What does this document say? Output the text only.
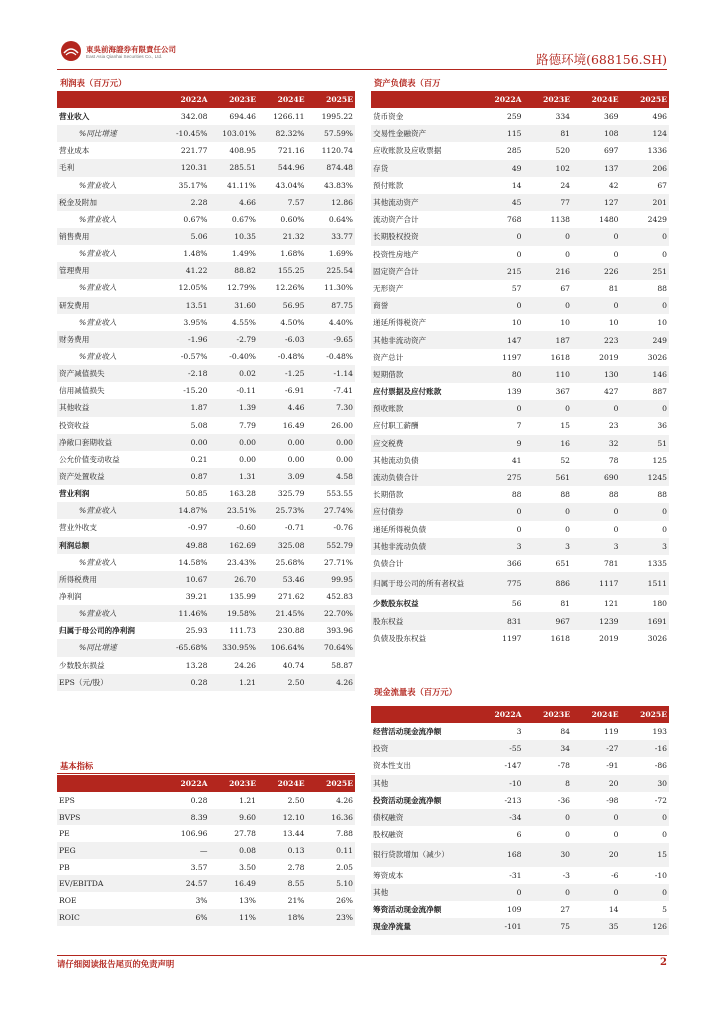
東吳前海證券有限責任公司
East Asia Qianhai Securities Co., Ltd.	路德环境(688156.SH)
利润表（百万元）
	2022A	2023E	2024E	2025E
营业收入	342.08	694.46	1266.11	1995.22
%同比增速	-10.45%	103.01%	82.32%	57.59%
营业成本	221.77	408.95	721.16	1120.74
毛利	120.31	285.51	544.96	874.48
%营业收入	35.17%	41.11%	43.04%	43.83%
税金及附加	2.28	4.66	7.57	12.86
%营业收入	0.67%	0.67%	0.60%	0.64%
销售费用	5.06	10.35	21.32	33.77
%营业收入	1.48%	1.49%	1.68%	1.69%
管理费用	41.22	88.82	155.25	225.54
%营业收入	12.05%	12.79%	12.26%	11.30%
研发费用	13.51	31.60	56.95	87.75
%营业收入	3.95%	4.55%	4.50%	4.40%
财务费用	-1.96	-2.79	-6.03	-9.65
%营业收入	-0.57%	-0.40%	-0.48%	-0.48%
资产减值损失	-2.18	0.02	-1.25	-1.14
信用减值损失	-15.20	-0.11	-6.91	-7.41
其他收益	1.87	1.39	4.46	7.30
投资收益	5.08	7.79	16.49	26.00
净敞口套期收益	0.00	0.00	0.00	0.00
公允价值变动收益	0.21	0.00	0.00	0.00
资产处置收益	0.87	1.31	3.09	4.58
营业利润	50.85	163.28	325.79	553.55
%营业收入	14.87%	23.51%	25.73%	27.74%
营业外收支	-0.97	-0.60	-0.71	-0.76
利润总额	49.88	162.69	325.08	552.79
%营业收入	14.58%	23.43%	25.68%	27.71%
所得税费用	10.67	26.70	53.46	99.95
净利润	39.21	135.99	271.62	452.83
%营业收入	11.46%	19.58%	21.45%	22.70%
归属于母公司的净利润	25.93	111.73	230.88	393.96
%同比增速	-65.68%	330.95%	106.64%	70.64%
少数股东损益	13.28	24.26	40.74	58.87
EPS（元/股）	0.28	1.21	2.50	4.26
基本指标
	2022A	2023E	2024E	2025E
EPS	0.28	1.21	2.50	4.26
BVPS	8.39	9.60	12.10	16.36
PE	106.96	27.78	13.44	7.88
PEG	—	0.08	0.13	0.11
PB	3.57	3.50	2.78	2.05
EV/EBITDA	24.57	16.49	8.55	5.10
ROE	3%	13%	21%	26%
ROIC	6%	11%	18%	23%
资产负债表（百万
	2022A	2023E	2024E	2025E
货币资金	259	334	369	496
交易性金融资产	115	81	108	124
应收账款及应收票据	285	520	697	1336
存货	49	102	137	206
预付账款	14	24	42	67
其他流动资产	45	77	127	201
流动资产合计	768	1138	1480	2429
长期股权投资	0	0	0	0
投资性房地产	0	0	0	0
固定资产合计	215	216	226	251
无形资产	57	67	81	88
商誉	0	0	0	0
递延所得税资产	10	10	10	10
其他非流动资产	147	187	223	249
资产总计	1197	1618	2019	3026
短期借款	80	110	130	146
应付票据及应付账款	139	367	427	887
预收账款	0	0	0	0
应付职工薪酬	7	15	23	36
应交税费	9	16	32	51
其他流动负债	41	52	78	125
流动负债合计	275	561	690	1245
长期借款	88	88	88	88
应付债券	0	0	0	0
递延所得税负债	0	0	0	0
其他非流动负债	3	3	3	3
负债合计	366	651	781	1335
归属于母公司的所有者权益	775	886	1117	1511
少数股东权益	56	81	121	180
股东权益	831	967	1239	1691
负债及股东权益	1197	1618	2019	3026
现金流量表（百万元）
	2022A	2023E	2024E	2025E
经营活动现金流净额	3	84	119	193
投资	-55	34	-27	-16
资本性支出	-147	-78	-91	-86
其他	-10	8	20	30
投资活动现金流净额	-213	-36	-98	-72
债权融资	-34	0	0	0
股权融资	6	0	0	0
银行贷款增加（减少）	168	30	20	15
筹资成本	-31	-3	-6	-10
其他	0	0	0	0
筹资活动现金流净额	109	27	14	5
现金净流量	-101	75	35	126
请仔细阅读报告尾页的免责声明	2
